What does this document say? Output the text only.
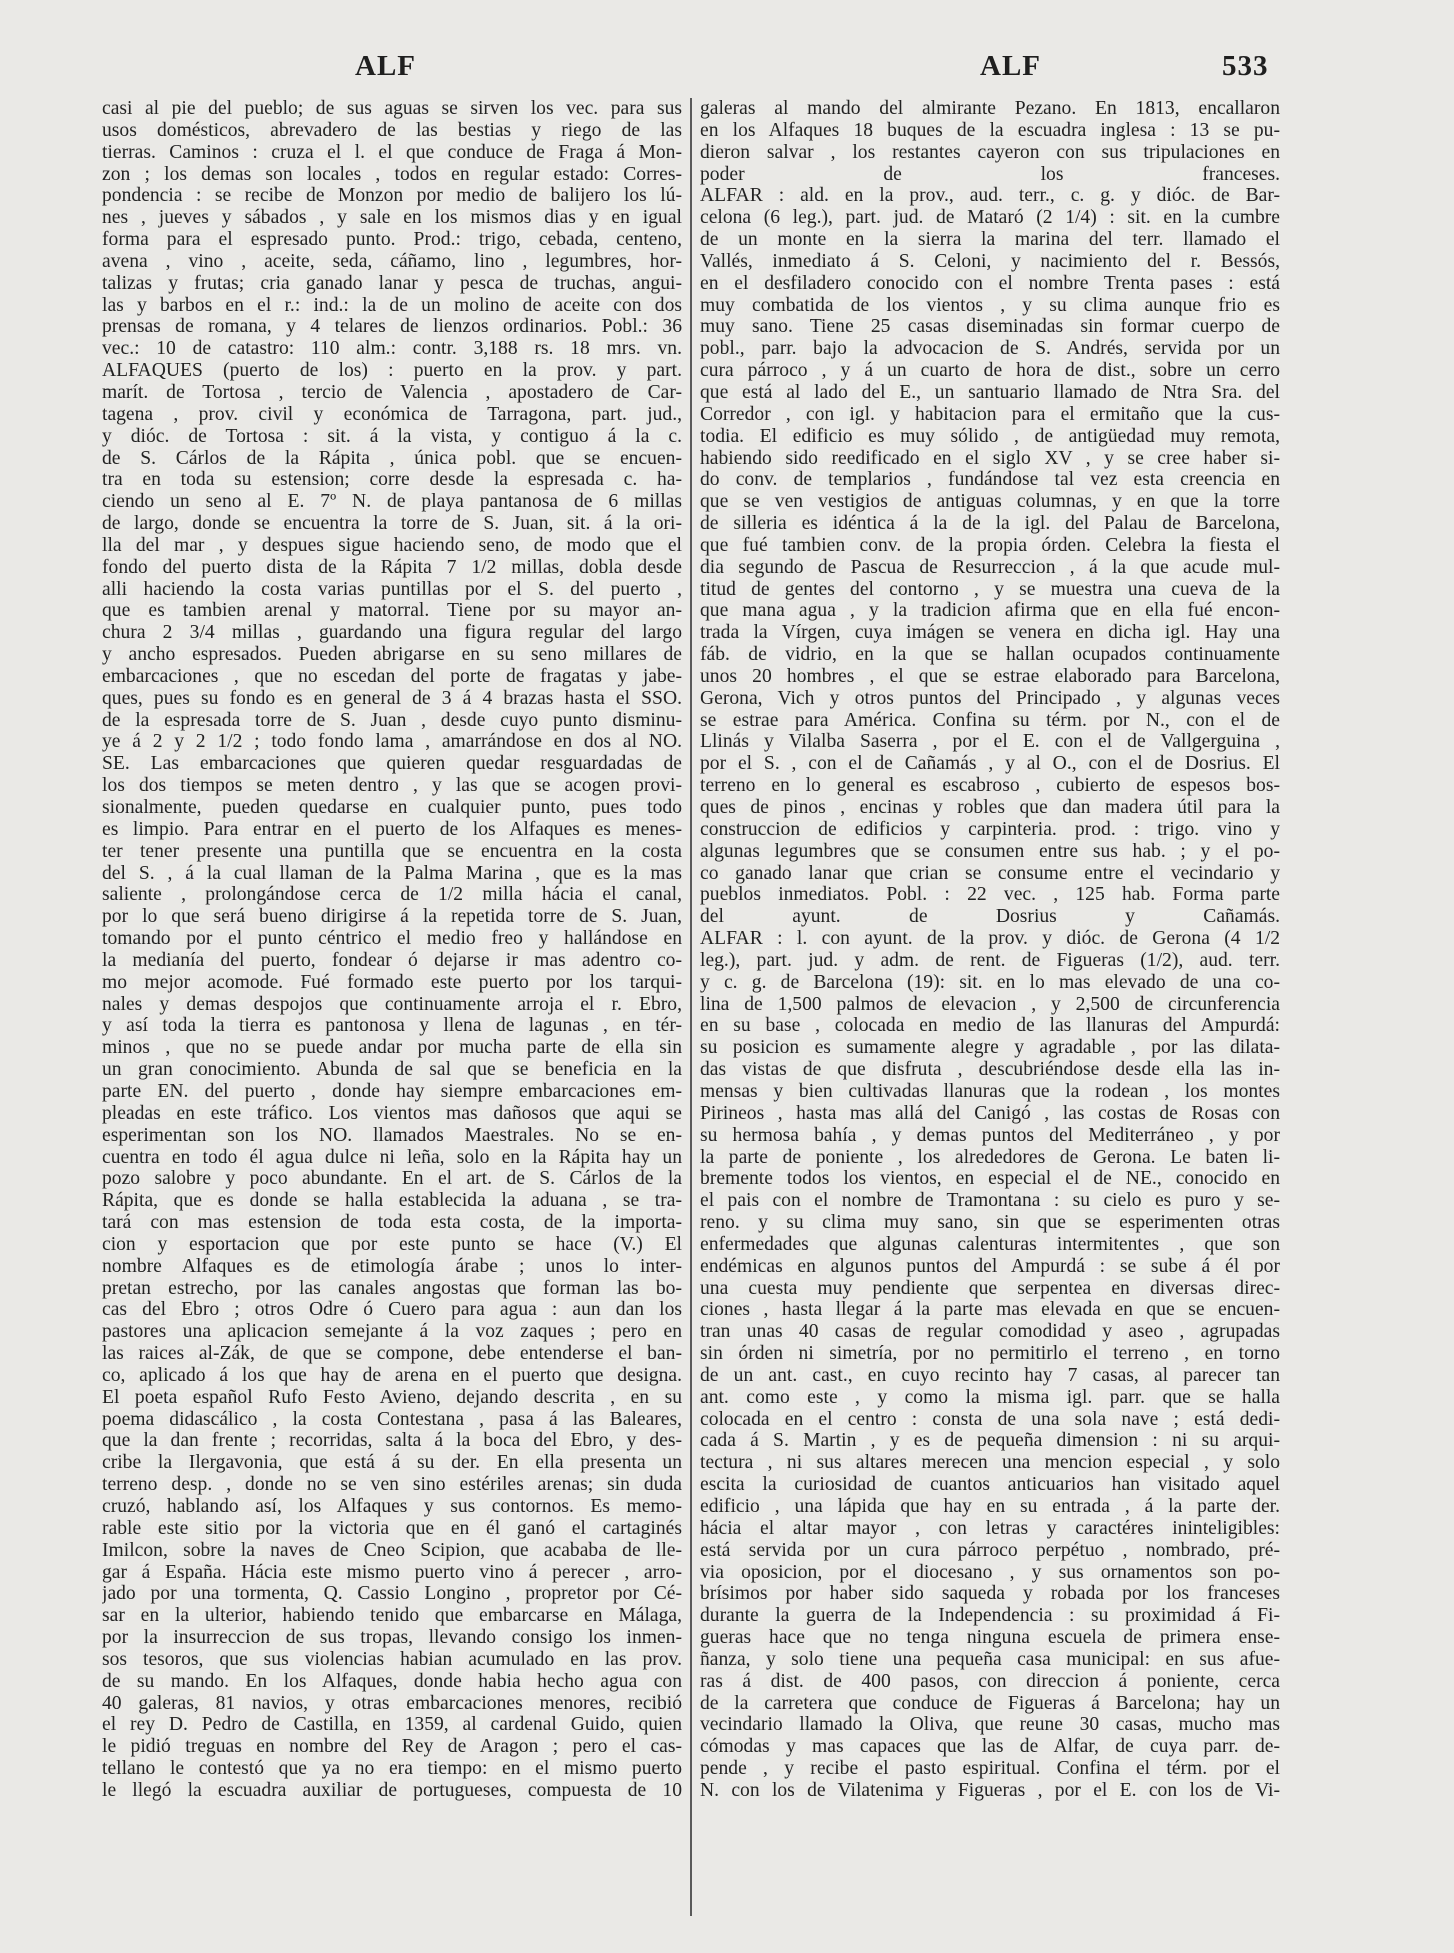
ALF	ALF	533

casi al pie del pueblo; de sus aguas se sirven los vec. para sus

usos domésticos, abrevadero de las bestias y riego de las

tierras. Caminos : cruza el l. el que conduce de Fraga á Mon-

zon ; los demas son locales , todos en regular estado: Corres-

pondencia : se recibe de Monzon por medio de balijero los lú-

nes , jueves y sábados , y sale en los mismos dias y en igual

forma para el espresado punto. Prod.: trigo, cebada, centeno,

avena , vino , aceite, seda, cáñamo, lino , legumbres, hor-

talizas y frutas; cria ganado lanar y pesca de truchas, angui-

las y barbos en el r.: ind.: la de un molino de aceite con dos

prensas de romana, y 4 telares de lienzos ordinarios. Pobl.: 36

vec.: 10 de catastro: 110 alm.: contr. 3,188 rs. 18 mrs. vn.

ALFAQUES (puerto de los) : puerto en la prov. y part.

marít. de Tortosa , tercio de Valencia , apostadero de Car-

tagena , prov. civil y económica de Tarragona, part. jud.,

y dióc. de Tortosa : sit. á la vista, y contiguo á la c.

de S. Cárlos de la Rápita , única pobl. que se encuen-

tra en toda su estension; corre desde la espresada c. ha-

ciendo un seno al E. 7º N. de playa pantanosa de 6 millas

de largo, donde se encuentra la torre de S. Juan, sit. á la ori-

lla del mar , y despues sigue haciendo seno, de modo que el

fondo del puerto dista de la Rápita 7 1/2 millas, dobla desde

alli haciendo la costa varias puntillas por el S. del puerto ,

que es tambien arenal y matorral. Tiene por su mayor an-

chura 2 3/4 millas , guardando una figura regular del largo

y ancho espresados. Pueden abrigarse en su seno millares de

embarcaciones , que no escedan del porte de fragatas y jabe-

ques, pues su fondo es en general de 3 á 4 brazas hasta el SSO.

de la espresada torre de S. Juan , desde cuyo punto disminu-

ye á 2 y 2 1/2 ; todo fondo lama , amarrándose en dos al NO.

SE. Las embarcaciones que quieren quedar resguardadas de

los dos tiempos se meten dentro , y las que se acogen provi-

sionalmente, pueden quedarse en cualquier punto, pues todo

es limpio. Para entrar en el puerto de los Alfaques es menes-

ter tener presente una puntilla que se encuentra en la costa

del S. , á la cual llaman de la Palma Marina , que es la mas

saliente , prolongándose cerca de 1/2 milla hácia el canal,

por lo que será bueno dirigirse á la repetida torre de S. Juan,

tomando por el punto céntrico el medio freo y hallándose en

la medianía del puerto, fondear ó dejarse ir mas adentro co-

mo mejor acomode. Fué formado este puerto por los tarqui-

nales y demas despojos que continuamente arroja el r. Ebro,

y así toda la tierra es pantonosa y llena de lagunas , en tér-

minos , que no se puede andar por mucha parte de ella sin

un gran conocimiento. Abunda de sal que se beneficia en la

parte EN. del puerto , donde hay siempre embarcaciones em-

pleadas en este tráfico. Los vientos mas dañosos que aqui se

esperimentan son los NO. llamados Maestrales. No se en-

cuentra en todo él agua dulce ni leña, solo en la Rápita hay un

pozo salobre y poco abundante. En el art. de S. Cárlos de la

Rápita, que es donde se halla establecida la aduana , se tra-

tará con mas estension de toda esta costa, de la importa-

cion y esportacion que por este punto se hace (V.) El

nombre Alfaques es de etimología árabe ; unos lo inter-

pretan estrecho, por las canales angostas que forman las bo-

cas del Ebro ; otros Odre ó Cuero para agua : aun dan los

pastores una aplicacion semejante á la voz zaques ; pero en

las raices al-Zák, de que se compone, debe entenderse el ban-

co, aplicado á los que hay de arena en el puerto que designa.

El poeta español Rufo Festo Avieno, dejando descrita , en su

poema didascálico , la costa Contestana , pasa á las Baleares,

que la dan frente ; recorridas, salta á la boca del Ebro, y des-

cribe la Ilergavonia, que está á su der. En ella presenta un

terreno desp. , donde no se ven sino estériles arenas; sin duda

cruzó, hablando así, los Alfaques y sus contornos. Es memo-

rable este sitio por la victoria que en él ganó el cartaginés

Imilcon, sobre la naves de Cneo Scipion, que acababa de lle-

gar á España. Hácia este mismo puerto vino á perecer , arro-

jado por una tormenta, Q. Cassio Longino , propretor por Cé-

sar en la ulterior, habiendo tenido que embarcarse en Málaga,

por la insurreccion de sus tropas, llevando consigo los inmen-

sos tesoros, que sus violencias habian acumulado en las prov.

de su mando. En los Alfaques, donde habia hecho agua con

40 galeras, 81 navios, y otras embarcaciones menores, recibió

el rey D. Pedro de Castilla, en 1359, al cardenal Guido, quien

le pidió treguas en nombre del Rey de Aragon ; pero el cas-

tellano le contestó que ya no era tiempo: en el mismo puerto

le llegó la escuadra auxiliar de portugueses, compuesta de 10

galeras al mando del almirante Pezano. En 1813, encallaron

en los Alfaques 18 buques de la escuadra inglesa : 13 se pu-

dieron salvar , los restantes cayeron con sus tripulaciones en

poder de los franceses.

ALFAR : ald. en la prov., aud. terr., c. g. y dióc. de Bar-

celona (6 leg.), part. jud. de Mataró (2 1/4) : sit. en la cumbre

de un monte en la sierra la marina del terr. llamado el

Vallés, inmediato á S. Celoni, y nacimiento del r. Bessós,

en el desfiladero conocido con el nombre Trenta pases : está

muy combatida de los vientos , y su clima aunque frio es

muy sano. Tiene 25 casas diseminadas sin formar cuerpo de

pobl., parr. bajo la advocacion de S. Andrés, servida por un

cura párroco , y á un cuarto de hora de dist., sobre un cerro

que está al lado del E., un santuario llamado de Ntra Sra. del

Corredor , con igl. y habitacion para el ermitaño que la cus-

todia. El edificio es muy sólido , de antigüedad muy remota,

habiendo sido reedificado en el siglo XV , y se cree haber si-

do conv. de templarios , fundándose tal vez esta creencia en

que se ven vestigios de antiguas columnas, y en que la torre

de silleria es idéntica á la de la igl. del Palau de Barcelona,

que fué tambien conv. de la propia órden. Celebra la fiesta el

dia segundo de Pascua de Resurreccion , á la que acude mul-

titud de gentes del contorno , y se muestra una cueva de la

que mana agua , y la tradicion afirma que en ella fué encon-

trada la Vírgen, cuya imágen se venera en dicha igl. Hay una

fáb. de vidrio, en la que se hallan ocupados continuamente

unos 20 hombres , el que se estrae elaborado para Barcelona,

Gerona, Vich y otros puntos del Principado , y algunas veces

se estrae para América. Confina su térm. por N., con el de

Llinás y Vilalba Saserra , por el E. con el de Vallgerguina ,

por el S. , con el de Cañamás , y al O., con el de Dosrius. El

terreno en lo general es escabroso , cubierto de espesos bos-

ques de pinos , encinas y robles que dan madera útil para la

construccion de edificios y carpinteria. prod. : trigo. vino y

algunas legumbres que se consumen entre sus hab. ; y el po-

co ganado lanar que crian se consume entre el vecindario y

pueblos inmediatos. Pobl. : 22 vec. , 125 hab. Forma parte

del ayunt. de Dosrius y Cañamás.

ALFAR : l. con ayunt. de la prov. y dióc. de Gerona (4 1/2

leg.), part. jud. y adm. de rent. de Figueras (1/2), aud. terr.

y c. g. de Barcelona (19): sit. en lo mas elevado de una co-

lina de 1,500 palmos de elevacion , y 2,500 de circunferencia

en su base , colocada en medio de las llanuras del Ampurdá:

su posicion es sumamente alegre y agradable , por las dilata-

das vistas de que disfruta , descubriéndose desde ella las in-

mensas y bien cultivadas llanuras que la rodean , los montes

Pirineos , hasta mas allá del Canigó , las costas de Rosas con

su hermosa bahía , y demas puntos del Mediterráneo , y por

la parte de poniente , los alrededores de Gerona. Le baten li-

bremente todos los vientos, en especial el de NE., conocido en

el pais con el nombre de Tramontana : su cielo es puro y se-

reno. y su clima muy sano, sin que se esperimenten otras

enfermedades que algunas calenturas intermitentes , que son

endémicas en algunos puntos del Ampurdá : se sube á él por

una cuesta muy pendiente que serpentea en diversas direc-

ciones , hasta llegar á la parte mas elevada en que se encuen-

tran unas 40 casas de regular comodidad y aseo , agrupadas

sin órden ni simetría, por no permitirlo el terreno , en torno

de un ant. cast., en cuyo recinto hay 7 casas, al parecer tan

ant. como este , y como la misma igl. parr. que se halla

colocada en el centro : consta de una sola nave ; está dedi-

cada á S. Martin , y es de pequeña dimension : ni su arqui-

tectura , ni sus altares merecen una mencion especial , y solo

escita la curiosidad de cuantos anticuarios han visitado aquel

edificio , una lápida que hay en su entrada , á la parte der.

hácia el altar mayor , con letras y caractéres ininteligibles:

está servida por un cura párroco perpétuo , nombrado, pré-

via oposicion, por el diocesano , y sus ornamentos son po-

brísimos por haber sido saqueda y robada por los franceses

durante la guerra de la Independencia : su proximidad á Fi-

gueras hace que no tenga ninguna escuela de primera ense-

ñanza, y solo tiene una pequeña casa municipal: en sus afue-

ras á dist. de 400 pasos, con direccion á poniente, cerca

de la carretera que conduce de Figueras á Barcelona; hay un

vecindario llamado la Oliva, que reune 30 casas, mucho mas

cómodas y mas capaces que las de Alfar, de cuya parr. de-

pende , y recibe el pasto espiritual. Confina el térm. por el

N. con los de Vilatenima y Figueras , por el E. con los de Vi-
